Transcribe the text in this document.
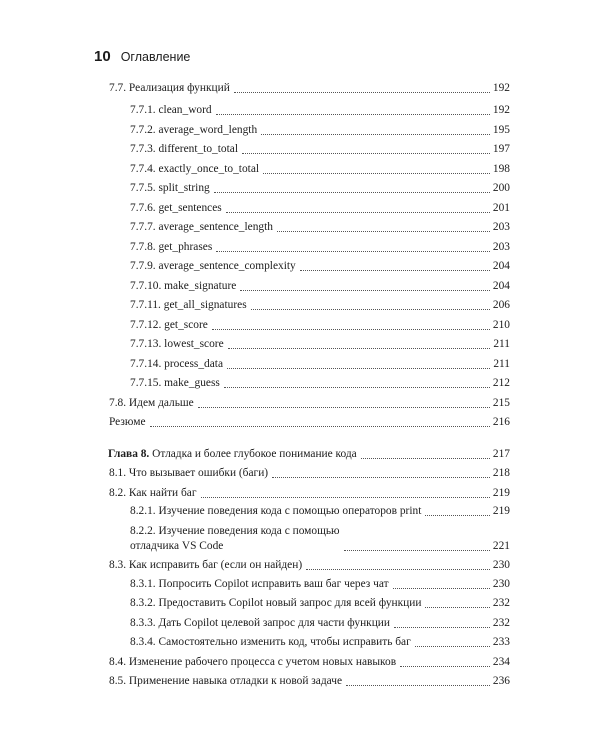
10 Оглавление
7.7. Реализация функций	192
7.7.1. clean_word	192
7.7.2. average_word_length	195
7.7.3. different_to_total	197
7.7.4. exactly_once_to_total	198
7.7.5. split_string	200
7.7.6. get_sentences	201
7.7.7. average_sentence_length	203
7.7.8. get_phrases	203
7.7.9. average_sentence_complexity	204
7.7.10. make_signature	204
7.7.11. get_all_signatures	206
7.7.12. get_score	210
7.7.13. lowest_score	211
7.7.14. process_data	211
7.7.15. make_guess	212
7.8. Идем дальше	215
Резюме	216
Глава 8. Отладка и более глубокое понимание кода	217
8.1. Что вызывает ошибки (баги)	218
8.2. Как найти баг	219
8.2.1. Изучение поведения кода с помощью операторов print	219
8.2.2. Изучение поведения кода с помощью
отладчика VS Code	221
8.3. Как исправить баг (если он найден)	230
8.3.1. Попросить Copilot исправить ваш баг через чат	230
8.3.2. Предоставить Copilot новый запрос для всей функции	232
8.3.3. Дать Copilot целевой запрос для части функции	232
8.3.4. Самостоятельно изменить код, чтобы исправить баг	233
8.4. Изменение рабочего процесса с учетом новых навыков	234
8.5. Применение навыка отладки к новой задаче	236
